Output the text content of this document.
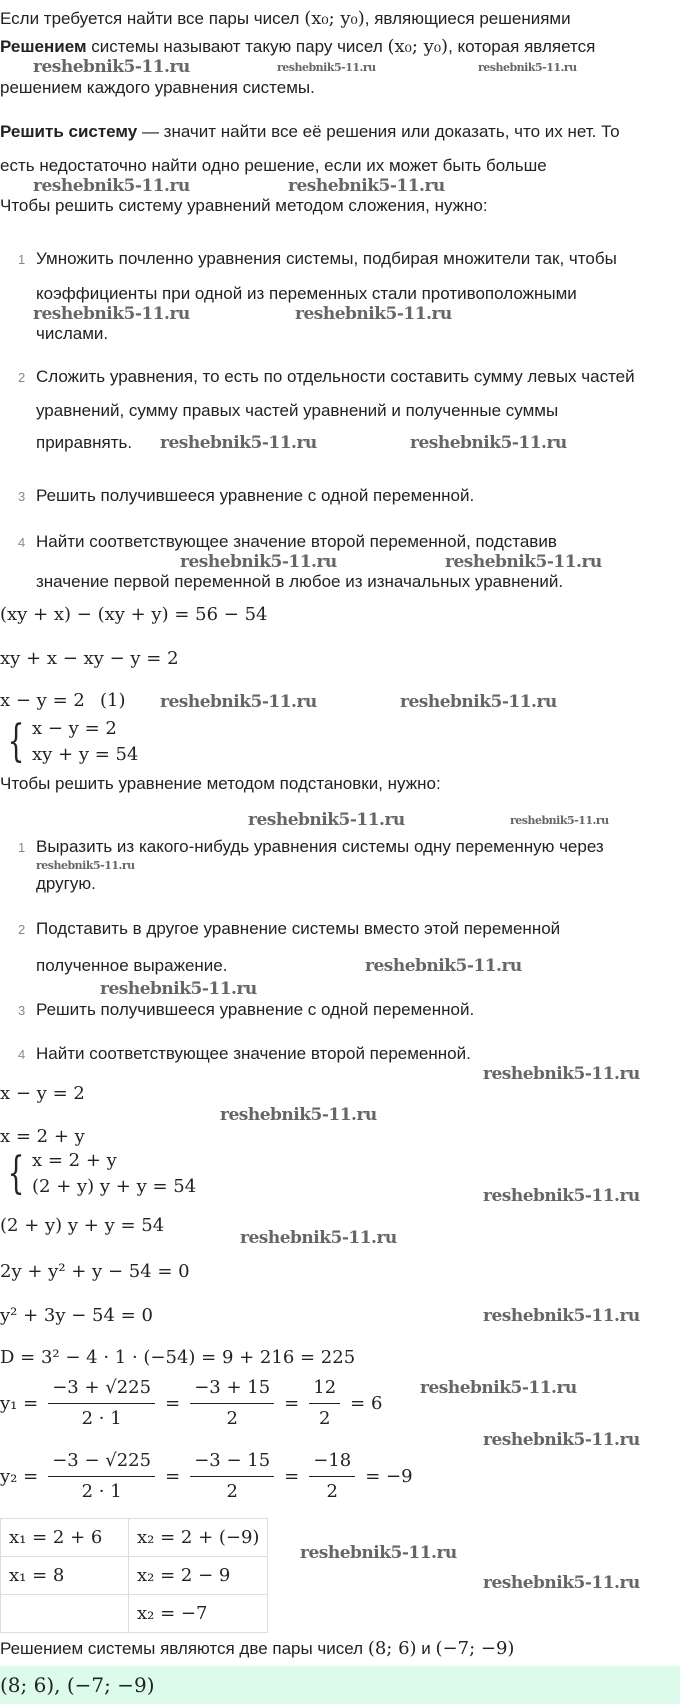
Если требуется найти все пары чисел (x₀; y₀), являющиеся решениями
Решением системы называют такую пару чисел (x₀; y₀), которая является
reshebnik5-11.ru	reshebnik5-11.ru	reshebnik5-11.ru
решением каждого уравнения системы.
Решить систему — значит найти все её решения или доказать, что их нет. То
есть недостаточно найти одно решение, если их может быть больше
reshebnik5-11.ru	reshebnik5-11.ru
Чтобы решить систему уравнений методом сложения, нужно:
1 Умножить почленно уравнения системы, подбирая множители так, чтобы
коэффициенты при одной из переменных стали противоположными
reshebnik5-11.ru	reshebnik5-11.ru
числами.
2 Сложить уравнения, то есть по отдельности составить сумму левых частей
уравнений, сумму правых частей уравнений и полученные суммы
приравнять. reshebnik5-11.ru	reshebnik5-11.ru
3 Решить получившееся уравнение с одной переменной.
4 Найти соответствующее значение второй переменной, подставив
reshebnik5-11.ru	reshebnik5-11.ru
значение первой переменной в любое из изначальных уравнений.
(xy + x) − (xy + y) = 56 − 54
xy + x − xy − y = 2
x − y = 2 (1) reshebnik5-11.ru	reshebnik5-11.ru
{ x − y = 2
xy + y = 54
Чтобы решить уравнение методом подстановки, нужно:
reshebnik5-11.ru	reshebnik5-11.ru
1 Выразить из какого-нибудь уравнения системы одну переменную через
reshebnik5-11.ru
другую.
2 Подставить в другое уравнение системы вместо этой переменной
reshebnik5-11.ru
полученное выражение.
reshebnik5-11.ru
3 Решить получившееся уравнение с одной переменной.
4 Найти соответствующее значение второй переменной.
reshebnik5-11.ru
x − y = 2
reshebnik5-11.ru
x = 2 + y
{ x = 2 + y
(2 + y) y + y = 54	reshebnik5-11.ru
(2 + y) y + y = 54
reshebnik5-11.ru
2y + y² + y − 54 = 0
y² + 3y − 54 = 0	reshebnik5-11.ru
D = 3² − 4 · 1 · (−54) = 9 + 216 = 225
reshebnik5-11.ru
$y_1 = \frac{-3 + √225}{2 \cdot 1} = \frac{-3 + 15}{2} = \frac{12}{2} = 6$
reshebnik5-11.ru
$y_2 = \frac{-3 - √225}{2 \cdot 1} = \frac{-3 - 15}{2} = \frac{-18}{2} = -9$
x₁ = 2 + 6	x₂ = 2 + (−9)
x₁ = 8	x₂ = 2 − 9
	x₂ = −7
reshebnik5-11.ru
reshebnik5-11.ru
Решением системы являются две пары чисел (8; 6) и (−7; −9)
(8; 6), (−7; −9)
